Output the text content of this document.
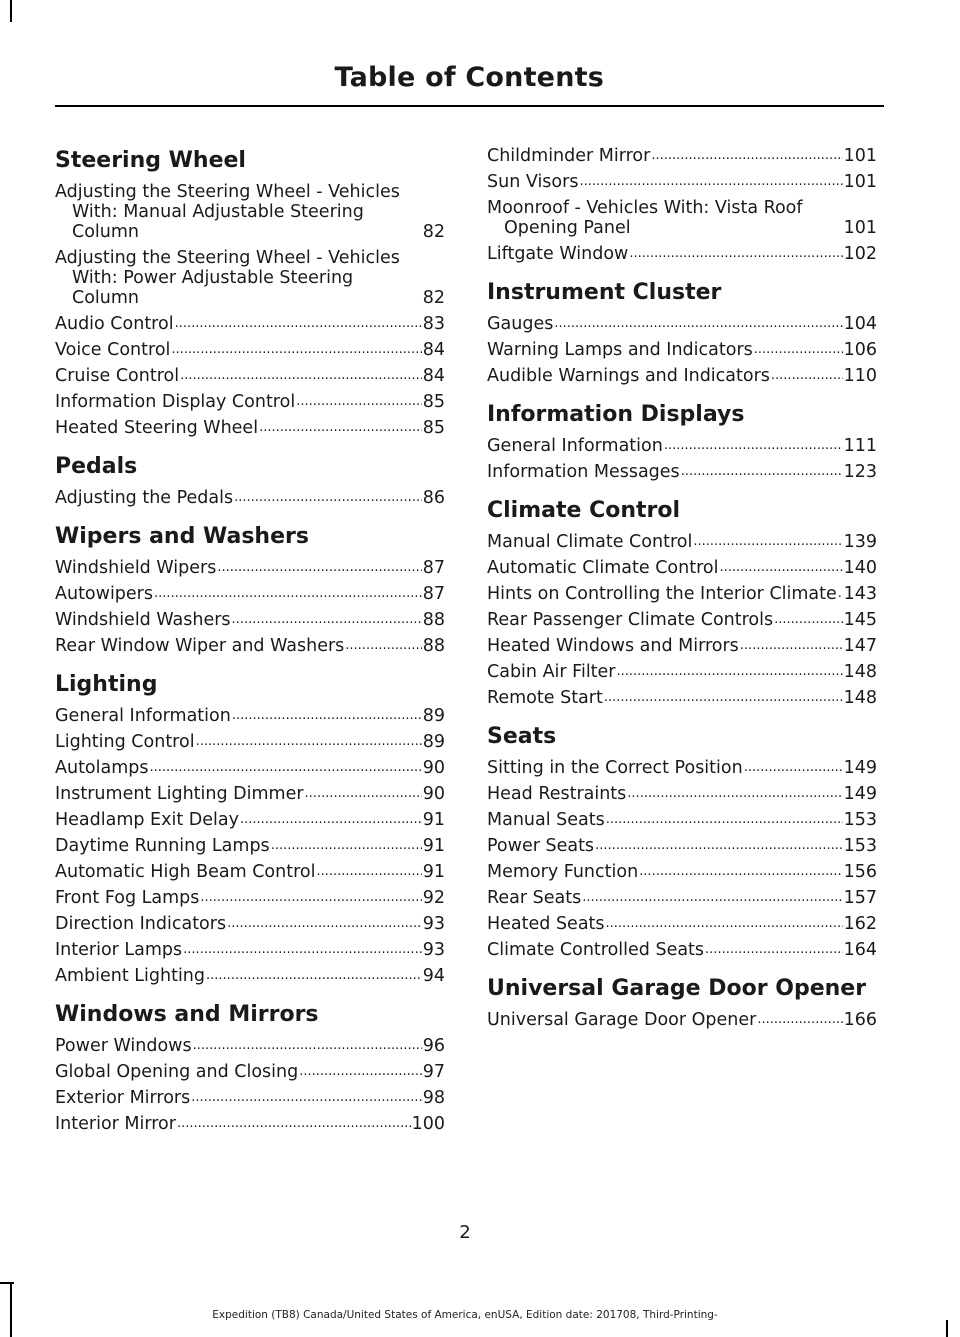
Table of Contents
Steering Wheel
Adjusting the Steering Wheel - Vehicles With: Manual Adjustable Steering Column	82
Adjusting the Steering Wheel - Vehicles With: Power Adjustable Steering Column	82
Audio Control .....	83
Voice Control .....	84
Cruise Control .....	84
Information Display Control .....	85
Heated Steering Wheel .....	85
Pedals
Adjusting the Pedals .....	86
Wipers and Washers
Windshield Wipers .....	87
Autowipers .....	87
Windshield Washers .....	88
Rear Window Wiper and Washers .....	88
Lighting
General Information .....	89
Lighting Control .....	89
Autolamps .....	90
Instrument Lighting Dimmer .....	90
Headlamp Exit Delay .....	91
Daytime Running Lamps .....	91
Automatic High Beam Control .....	91
Front Fog Lamps .....	92
Direction Indicators .....	93
Interior Lamps .....	93
Ambient Lighting .....	94
Windows and Mirrors
Power Windows .....	96
Global Opening and Closing .....	97
Exterior Mirrors .....	98
Interior Mirror .....	100
Childminder Mirror .....	101
Sun Visors .....	101
Moonroof - Vehicles With: Vista Roof Opening Panel	101
Liftgate Window .....	102
Instrument Cluster
Gauges .....	104
Warning Lamps and Indicators .....	106
Audible Warnings and Indicators .....	110
Information Displays
General Information .....	111
Information Messages .....	123
Climate Control
Manual Climate Control .....	139
Automatic Climate Control .....	140
Hints on Controlling the Interior Climate ..... 143
Rear Passenger Climate Controls .....	145
Heated Windows and Mirrors .....	147
Cabin Air Filter .....	148
Remote Start .....	148
Seats
Sitting in the Correct Position .....	149
Head Restraints .....	149
Manual Seats .....	153
Power Seats .....	153
Memory Function .....	156
Rear Seats .....	157
Heated Seats .....	162
Climate Controlled Seats .....	164
Universal Garage Door Opener
Universal Garage Door Opener .....	166
2
Expedition (TB8) Canada/United States of America, enUSA, Edition date: 201708, Third-Printing-
